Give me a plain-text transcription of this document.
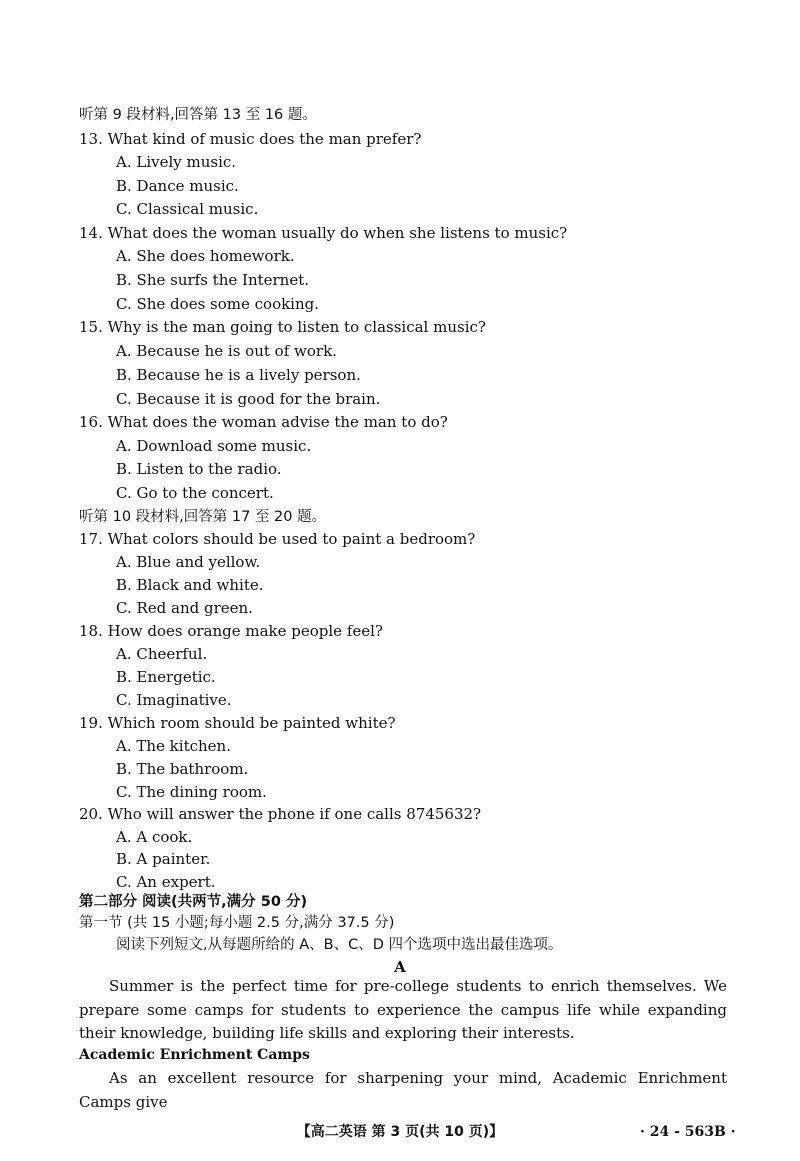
听第 9 段材料,回答第 13 至 16 题。
13. What kind of music does the man prefer?
A. Lively music.
B. Dance music.
C. Classical music.
14. What does the woman usually do when she listens to music?
A. She does homework.
B. She surfs the Internet.
C. She does some cooking.
15. Why is the man going to listen to classical music?
A. Because he is out of work.
B. Because he is a lively person.
C. Because it is good for the brain.
16. What does the woman advise the man to do?
A. Download some music.
B. Listen to the radio.
C. Go to the concert.
听第 10 段材料,回答第 17 至 20 题。
17. What colors should be used to paint a bedroom?
A. Blue and yellow.
B. Black and white.
C. Red and green.
18. How does orange make people feel?
A. Cheerful.
B. Energetic.
C. Imaginative.
19. Which room should be painted white?
A. The kitchen.
B. The bathroom.
C. The dining room.
20. Who will answer the phone if one calls 8745632?
A. A cook.
B. A painter.
C. An expert.
第二部分 阅读(共两节,满分 50 分)
第一节 (共 15 小题;每小题 2.5 分,满分 37.5 分)
阅读下列短文,从每题所给的 A、B、C、D 四个选项中选出最佳选项。
A
Summer is the perfect time for pre-college students to enrich themselves. We prepare some camps for students to experience the campus life while expanding their knowledge, building life skills and exploring their interests.
Academic Enrichment Camps
As an excellent resource for sharpening your mind, Academic Enrichment Camps give
【高二英语 第 3 页(共 10 页)】	· 24 - 563B ·
